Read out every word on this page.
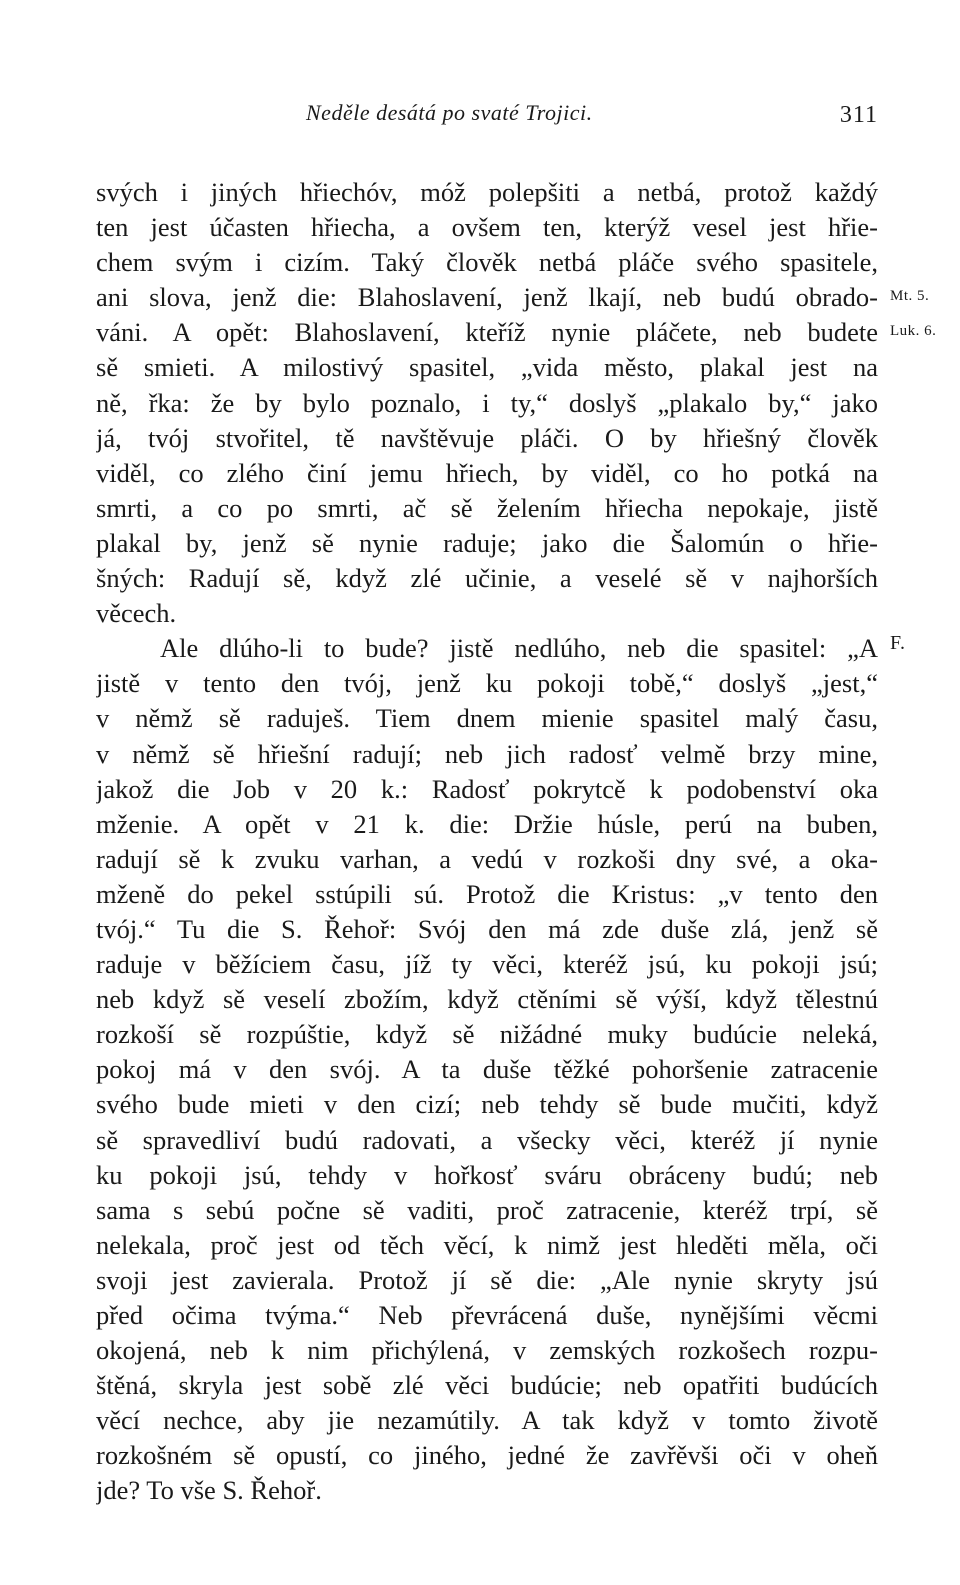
Neděle desátá po svaté Trojici.	311
svých i jiných hřiechóv, móž polepšiti a netbá, protož každý
ten jest účasten hřiecha, a ovšem ten, kterýž vesel jest hřie-
chem svým i cizím. Taký člověk netbá pláče svého spasitele,
ani slova, jenž die: Blahoslavení, jenž lkají, neb budú obrado-
váni. A opět: Blahoslavení, kteříž nynie pláčete, neb budete
sě smieti. A milostivý spasitel, „vida město, plakal jest na
ně, řka: že by bylo poznalo, i ty,“ doslyš „plakalo by,“ jako
já, tvój stvořitel, tě navštěvuje pláči. O by hřiešný člověk
viděl, co zlého činí jemu hřiech, by viděl, co ho potká na
smrti, a co po smrti, ač sě želením hřiecha nepokaje, jistě
plakal by, jenž sě nynie raduje; jako die Šalomún o hřie-
šných: Radují sě, když zlé učinie, a veselé sě v najhorších
věcech.
Ale dlúho-li to bude? jistě nedlúho, neb die spasitel: „A
jistě v tento den tvój, jenž ku pokoji tobě,“ doslyš „jest,“
v němž sě raduješ. Tiem dnem mienie spasitel malý času,
v němž sě hřiešní radují; neb jich radosť velmě brzy mine,
jakož die Job v 20 k.: Radosť pokrytcě k podobenství oka
mženie. A opět v 21 k. die: Držie húsle, perú na buben,
radují sě k zvuku varhan, a vedú v rozkoši dny své, a oka-
mženě do pekel sstúpili sú. Protož die Kristus: „v tento den
tvój.“ Tu die S. Řehoř: Svój den má zde duše zlá, jenž sě
raduje v běžíciem času, jíž ty věci, kteréž jsú, ku pokoji jsú;
neb když sě veselí zbožím, když ctěními sě výší, když tělestnú
rozkoší sě rozpúštie, když sě nižádné muky budúcie neleká,
pokoj má v den svój. A ta duše těžké pohoršenie zatracenie
svého bude mieti v den cizí; neb tehdy sě bude mučiti, když
sě spravedliví budú radovati, a všecky věci, kteréž jí nynie
ku pokoji jsú, tehdy v hořkosť sváru obráceny budú; neb
sama s sebú počne sě vaditi, proč zatracenie, kteréž trpí, sě
nelekala, proč jest od těch věcí, k nimž jest hleděti měla, oči
svoji jest zavierala. Protož jí sě die: „Ale nynie skryty jsú
před očima tvýma.“ Neb převrácená duše, nynějšími věcmi
okojená, neb k nim přichýlená, v zemských rozkošech rozpu-
štěná, skryla jest sobě zlé věci budúcie; neb opatřiti budúcích
věcí nechce, aby jie nezamútily. A tak když v tomto životě
rozkošném sě opustí, co jiného, jedné že zavřěvši oči v oheň
jde? To vše S. Řehoř.
Mt. 5.
Luk. 6.
F.
